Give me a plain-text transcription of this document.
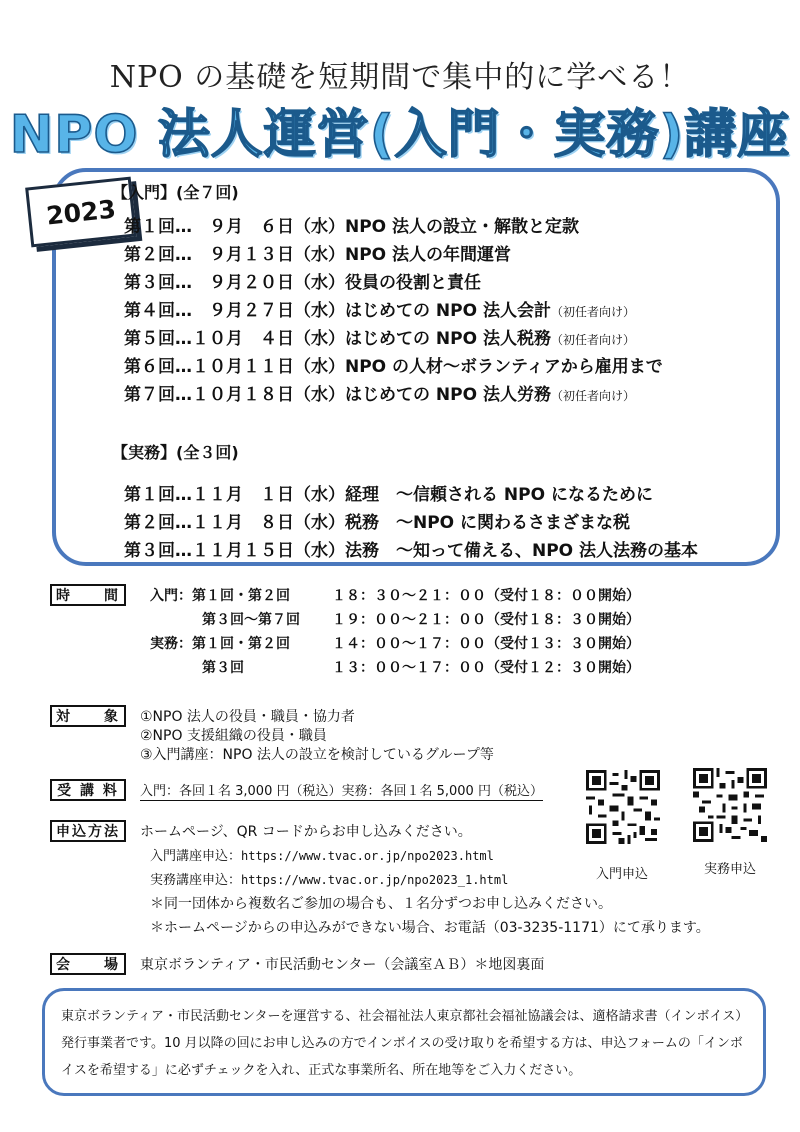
NPO の基礎を短期間で集中的に学べる！
NPO 法人運営(入門・実務)講座
2023
【入門】(全７回)
第１回…　９月　６日（水）NPO 法人の設立・解散と定款
第２回…　９月１３日（水）NPO 法人の年間運営
第３回…　９月２０日（水）役員の役割と責任
第４回…　９月２７日（水）はじめての NPO 法人会計（初任者向け）
第５回…１０月　４日（水）はじめての NPO 法人税務（初任者向け）
第６回…１０月１１日（水）NPO の人材～ボランティアから雇用まで
第７回…１０月１８日（水）はじめての NPO 法人労務（初任者向け）
【実務】(全３回)
第１回…１１月　１日（水）経理　～信頼される NPO になるために
第２回…１１月　８日（水）税務　～NPO に関わるさまざまな税
第３回…１１月１５日（水）法務　～知って備える、NPO 法人法務の基本
時　　間	入門：第１回・第２回	１８：３０～２１：００（受付１８：００開始）
第３回～第７回 １９：００～２１：００（受付１８：３０開始）
実務：第１回・第２回	１４：００～１７：００（受付１３：３０開始）
第３回	１３：００～１７：００（受付１２：３０開始）
対　　象	①NPO 法人の役員・職員・協力者
②NPO 支援組織の役員・職員
③入門講座：NPO 法人の設立を検討しているグループ等
受 講 料	入門：各回１名 3,000 円（税込）実務：各回１名 5,000 円（税込）
入門申込	実務申込
申込方法	ホームページ、QR コードからお申し込みください。
入門講座申込：https://www.tvac.or.jp/npo2023.html
実務講座申込：https://www.tvac.or.jp/npo2023_1.html
＊同一団体から複数名ご参加の場合も、１名分ずつお申し込みください。
＊ホームページからの申込みができない場合、お電話（03-3235-1171）にて承ります。
会　　場	東京ボランティア・市民活動センター（会議室ＡＢ）＊地図裏面
東京ボランティア・市民活動センターを運営する、社会福祉法人東京都社会福祉協議会は、適格請求書（インボイス）発行事業者です。10 月以降の回にお申し込みの方でインボイスの受け取りを希望する方は、申込フォームの「インボイスを希望する」に必ずチェックを入れ、正式な事業所名、所在地等をご入力ください。
